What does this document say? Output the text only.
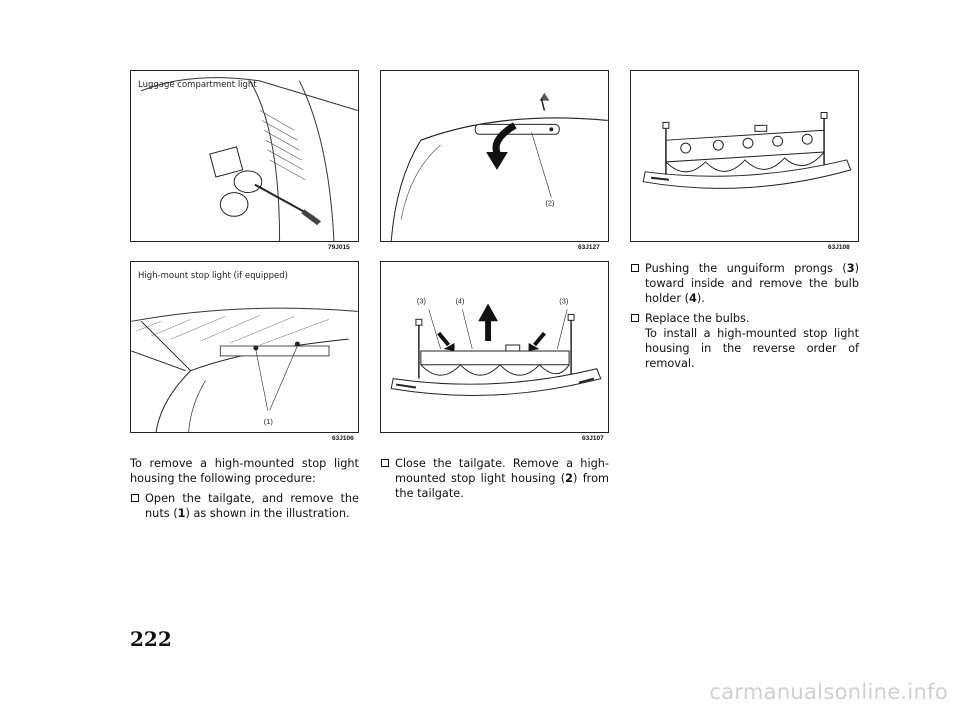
Luggage compartment light
79J015
(2)
63J127	63J108
(1)
High-mount stop light (if equipped)
63J106
(3)	(4)	(3)
63J107
To remove a high-mounted stop light housing the following procedure:
Open the tailgate, and remove the nuts (1) as shown in the illustration.
Close the tailgate. Remove a high-mounted stop light housing (2) from the tailgate.
Pushing the unguiform prongs (3) toward inside and remove the bulb holder (4).
Replace the bulbs.
To install a high-mounted stop light housing in the reverse order of removal.
222
carmanualsonline.info
